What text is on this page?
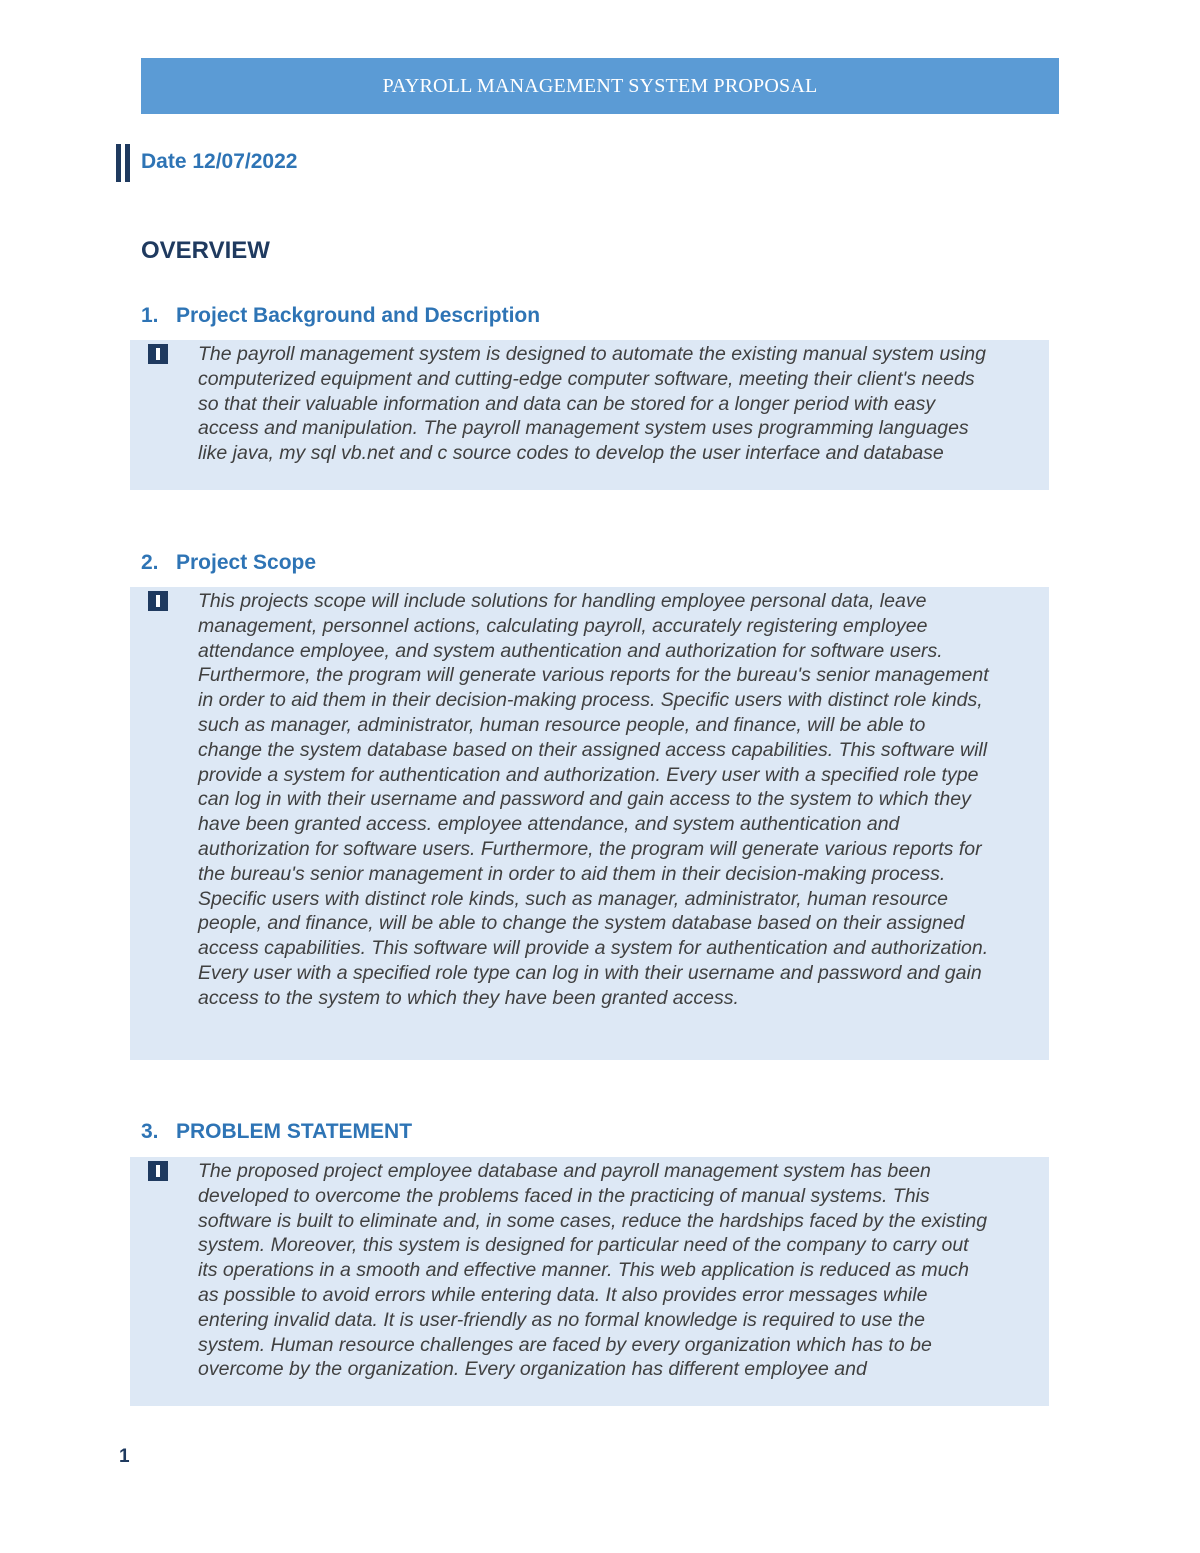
PAYROLL MANAGEMENT SYSTEM PROPOSAL
Date 12/07/2022
OVERVIEW
1. Project Background and Description

The payroll management system is designed to automate the existing manual system using computerized equipment and cutting-edge computer software, meeting their client's needs so that their valuable information and data can be stored for a longer period with easy access and manipulation. The payroll management system uses programming languages like java, my sql vb.net and c source codes to develop the user interface and database

2. Project Scope

This projects scope will include solutions for handling employee personal data, leave management, personnel actions, calculating payroll, accurately registering employee attendance employee, and system authentication and authorization for software users. Furthermore, the program will generate various reports for the bureau's senior management in order to aid them in their decision-making process. Specific users with distinct role kinds, such as manager, administrator, human resource people, and finance, will be able to change the system database based on their assigned access capabilities. This software will provide a system for authentication and authorization. Every user with a specified role type can log in with their username and password and gain access to the system to which they have been granted access. employee attendance, and system authentication and authorization for software users. Furthermore, the program will generate various reports for the bureau's senior management in order to aid them in their decision-making process. Specific users with distinct role kinds, such as manager, administrator, human resource people, and finance, will be able to change the system database based on their assigned access capabilities. This software will provide a system for authentication and authorization. Every user with a specified role type can log in with their username and password and gain access to the system to which they have been granted access.

3. PROBLEM STATEMENT

The proposed project employee database and payroll management system has been developed to overcome the problems faced in the practicing of manual systems. This software is built to eliminate and, in some cases, reduce the hardships faced by the existing system. Moreover, this system is designed for particular need of the company to carry out its operations in a smooth and effective manner. This web application is reduced as much as possible to avoid errors while entering data. It also provides error messages while entering invalid data. It is user-friendly as no formal knowledge is required to use the system. Human resource challenges are faced by every organization which has to be overcome by the organization. Every organization has different employee and

1
